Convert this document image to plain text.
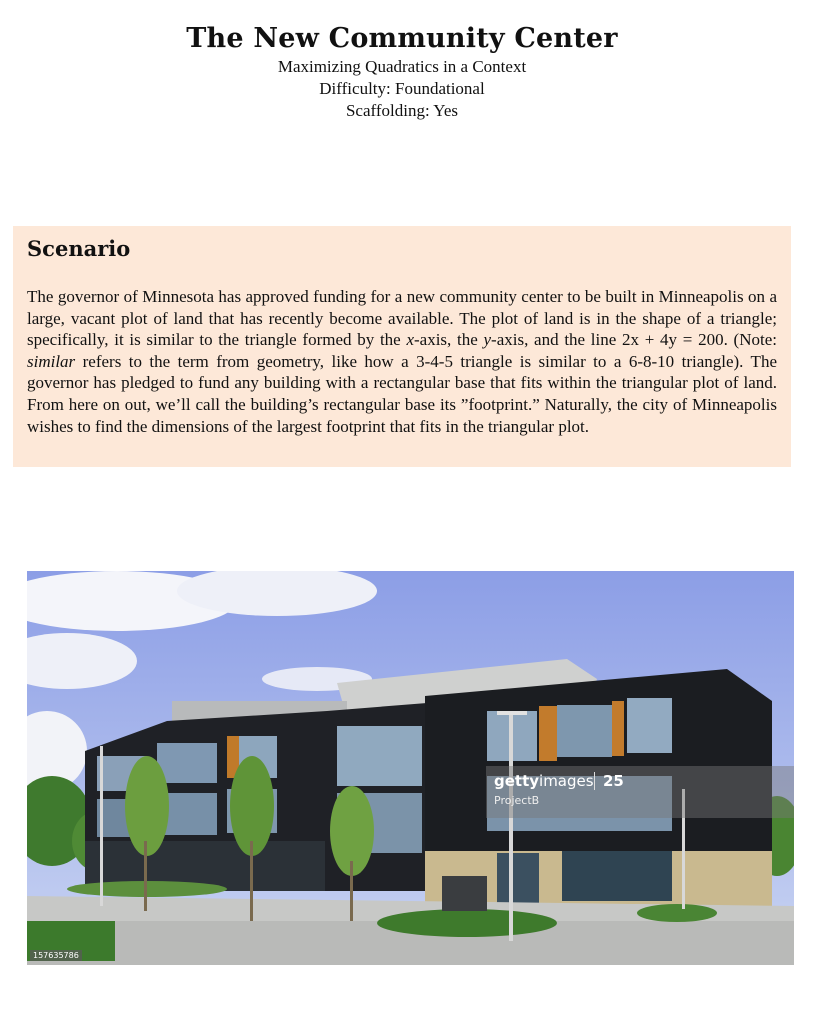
The New Community Center
Maximizing Quadratics in a Context
Difficulty: Foundational
Scaffolding: Yes
Scenario

The governor of Minnesota has approved funding for a new community center to be built in Minneapolis on a large, vacant plot of land that has recently become available. The plot of land is in the shape of a triangle; specifically, it is similar to the triangle formed by the x-axis, the y-axis, and the line 2x + 4y = 200. (Note: similar refers to the term from geometry, like how a 3-4-5 triangle is similar to a 6-8-10 triangle). The governor has pledged to fund any building with a rectangular base that fits within the triangular plot of land. From here on out, we’ll call the building’s rectangular base its ”footprint.” Naturally, the city of Minneapolis wishes to find the dimensions of the largest footprint that fits in the triangular plot.

gettyimages 25
ProjectB
157635786
